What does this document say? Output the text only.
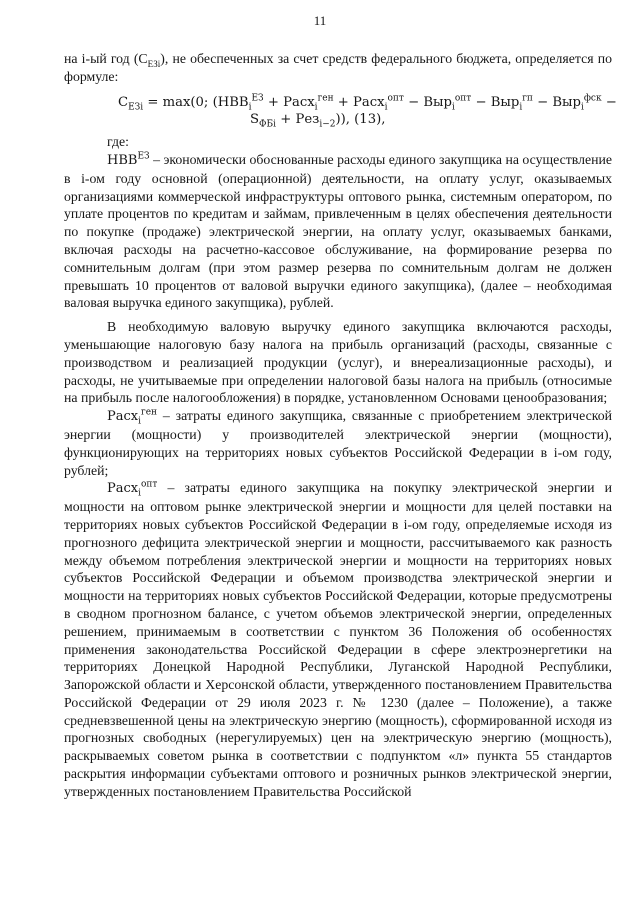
11

на i-ый год $(С_{ЕЗi})$, не обеспеченных за счет средств федерального бюджета, определяется по формуле:

$С_{ЕЗi} = \max(0$; ($НВВ_i^{ЕЗ}$ + Расх$_i^{ген}$ + Расх$_i^{опт}$ − Выр$_i^{опт}$ − Выр$_i^{гп}$ − Выр$_i^{фск}$ −
$S_{ФБi} + Рез_{i-2}$)), (13),

где:

$НВВ^{ЕЗ}$ – экономически обоснованные расходы единого закупщика на осуществление в i-ом году основной (операционной) деятельности, на оплату услуг, оказываемых организациями коммерческой инфраструктуры оптового рынка, системным оператором, по уплате процентов по кредитам и займам, привлеченным в целях обеспечения деятельности по покупке (продаже) электрической энергии, на оплату услуг, оказываемых банками, включая расходы на расчетно-кассовое обслуживание, на формирование резерва по сомнительным долгам (при этом размер резерва по сомнительным долгам не должен превышать 10 процентов от валовой выручки единого закупщика), (далее – необходимая валовая выручка единого закупщика), рублей.

В необходимую валовую выручку единого закупщика включаются расходы, уменьшающие налоговую базу налога на прибыль организаций (расходы, связанные с производством и реализацией продукции (услуг), и внереализационные расходы), и расходы, не учитываемые при определении налоговой базы налога на прибыль (относимые на прибыль после налогообложения) в порядке, установленном Основами ценообразования;

Расх$_i^{ген}$ – затраты единого закупщика, связанные с приобретением электрической энергии (мощности) у производителей электрической энергии (мощности), функционирующих на территориях новых субъектов Российской Федерации в i-ом году, рублей;

Расх$_i^{опт}$ – затраты единого закупщика на покупку электрической энергии и мощности на оптовом рынке электрической энергии и мощности для целей поставки на территориях новых субъектов Российской Федерации в i-ом году, определяемые исходя из прогнозного дефицита электрической энергии и мощности, рассчитываемого как разность между объемом потребления электрической энергии и мощности на территориях новых субъектов Российской Федерации и объемом производства электрической энергии и мощности на территориях новых субъектов Российской Федерации, которые предусмотрены в сводном прогнозном балансе, с учетом объемов электрической энергии, определенных решением, принимаемым в соответствии с пунктом 36 Положения об особенностях применения законодательства Российской Федерации в сфере электроэнергетики на территориях Донецкой Народной Республики, Луганской Народной Республики, Запорожской области и Херсонской области, утвержденного постановлением Правительства Российской Федерации от 29 июля 2023 г. № 1230 (далее – Положение), а также средневзвешенной цены на электрическую энергию (мощность), сформированной исходя из прогнозных свободных (нерегулируемых) цен на электрическую энергию (мощность), раскрываемых советом рынка в соответствии с подпунктом «л» пункта 55 стандартов раскрытия информации субъектами оптового и розничных рынков электрической энергии, утвержденных постановлением Правительства Российской
